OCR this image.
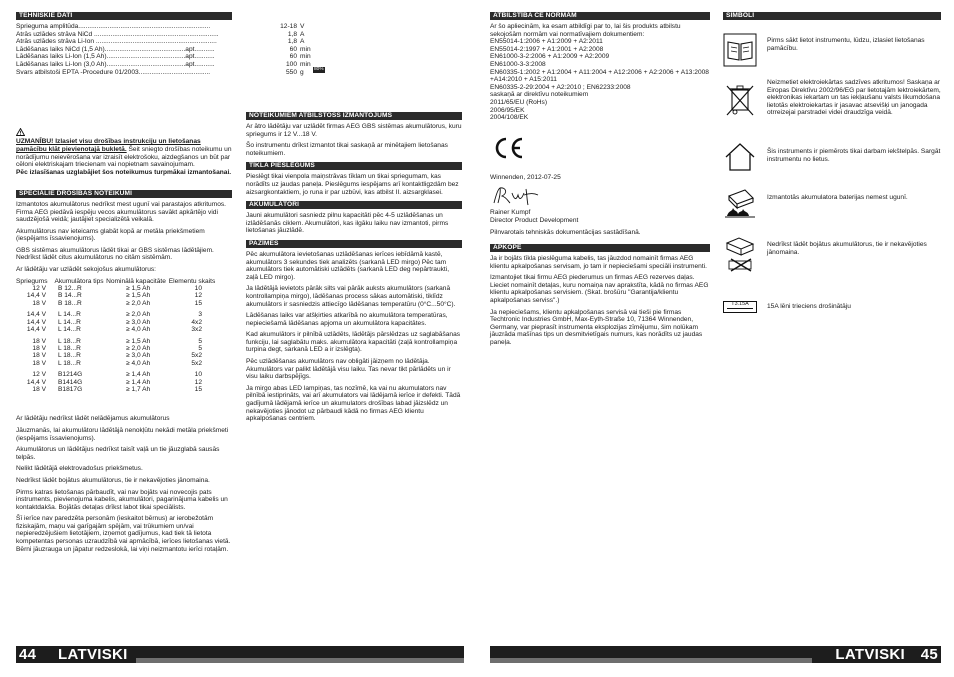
TEHNISKIE DATI
Sprieguma amplitūda........................................................................	12-18 V
Ātrās uzlādes strāva NiCd ....................................................................	1,8 A
Ātrās uzlādes strāva Li-Ion ..................................................................	1,8 A
Lādēšanas laiks NiCd (1,5 Ah)............................................apt...........	60 min
Lādēšanas laiks Li-Ion (1,5 Ah)...........................................apt...........	60 min
Lādēšanas laiks Li-Ion (3,0 Ah)...........................................apt...........	100 min
Svars atbilstoši EPTA -Procedure 01/2003.......................................	550 g	80%

UZMANĪBU! Izlasiet visu drošības instrukciju un lietošanas pamācību klāt pievienotajā bukletā. Šeit sniegto drošības noteikumu un norādījumu neievērošana var izraisīt elektrošoku, aizdegšanos un būt par cēloni elektriskajam triecienam vai nopietnam savainojumam.

Pēc izlasīšanas uzglabājiet šos noteikumus turpmākai izmantošanai.

SPECIĀLIE DROŠĪBAS NOTEIKUMI
Izmantotos akumulātorus nedrīkst mest ugunī vai parastajos atkritumos. Firma AEG piedāvā iespēju vecos akumulātorus savākt apkārtējo vidi saudzējošā veidā; jautājiet specializētā veikalā.
Akumulātorus nav ieteicams glabāt kopā ar metāla priekšmetiem (iespējams īssavienojums).
GBS sistēmas akumulātorus lādēt tikai ar GBS sistēmas lādētājiem. Nedrīkst lādēt citus akumulātorus no citām sistēmām.
Ar lādētāju var uzlādēt sekojošus akumulātorus:
Spriegums	Akumulātora tips	Nominālā kapacitāte	Elementu skaits
12 V	B 12...R	≥ 1,5 Ah	10
14,4 V	B 14...R	≥ 1,5 Ah	12
18 V	B 18...R	≥ 2,0 Ah	15

14,4 V	L 14...R	≥ 2,0 Ah	3
14,4 V	L 14...R	≥ 3,0 Ah	4x2
14,4 V	L 14...R	≥ 4,0 Ah	3x2

18 V	L 18...R	≥ 1,5 Ah	5
18 V	L 18...R	≥ 2,0 Ah	5
18 V	L 18...R	≥ 3,0 Ah	5x2
18 V	L 18...R	≥ 4,0 Ah	5x2

12 V	B1214G	≥ 1,4 Ah	10
14,4 V	B1414G	≥ 1,4 Ah	12
18 V	B1817G	≥ 1,7 Ah	15
Ar lādētāju nedrīkst lādēt nelādējamus akumulātorus
Jāuzmanās, lai akumulātoru lādētājā nenokļūtu nekādi metāla priekšmeti (iespējams īssavienojums).
Akumulātorus un lādētājus nedrīkst taisīt vaļā un tie jāuzglabā sausās telpās.
Nelikt lādētājā elektrovadošus priekšmetus.
Nedrīkst lādēt bojātus akumulātorus, tie ir nekavējoties jānomaina.
Pirms katras lietošanas pārbaudīt, vai nav bojāts vai novecojis pats instruments, pievienojuma kabelis, akumulātori, pagarinājuma kabelis un kontaktdakša. Bojātās detaļas drīkst labot tikai speciālists.
Šī ierīce nav paredzēta personām (ieskaitot bērnus) ar ierobežotām fiziskajām, maņu vai garīgajām spējām, vai trūkumiem un/vai nepieredzējušiem lietotājiem, izņemot gadījumus, kad tiek tā lietota kompetentas personas uzraudzībā vai apmācībā, ierīces lietošanas vietā.
Bērni jāuzrauga un jāpatur redzeslokā, lai viņi neizmantotu ierīci rotaļām.
NOTEIKUMIEM ATBILSTOŠS IZMANTOJUMS
Ar ātro lādētāju var uzlādēt firmas AEG GBS sistēmas akumulātorus, kuru spriegums ir 12 V...18 V.
Šo instrumentu drīkst izmantot tikai saskaņā ar minētajiem lietošanas noteikumiem.
TĪKLA PIESLĒGUMS
Pieslēgt tikai vienpola maiņstrāvas tīklam un tikai spriegumam, kas norādīts uz jaudas paneļa. Pieslēgums iespējams arī kontaktligzdām bez aizsargkontaktiem, jo runa ir par uzbūvi, kas atbilst II. aizsargklasei.
AKUMULĀTORI
Jauni akumulātori sasniedz pilnu kapacitāti pēc 4-5 uzlādēšanas un izlādēšanās ciklem. Akumulātori, kas ilgāku laiku nav izmantoti, pirms lietošanas jāuzlādē.
PAZĪMES
Pēc akumulātora ievietošanas uzlādēšanas ierīces iebīdāmā kastē, akumulātors 3 sekundes tiek analizēts (sarkanā LED mirgo) Pēc tam akumulātors tiek automātiski uzlādēts (sarkanā LED deg nepārtraukti, zaļā LED mirgo).
Ja lādētājā ievietots pārāk silts vai pārāk auksts akumulātors (sarkanā kontrollampiņa mirgo), lādēšanas process sākas automātiski, tiklīdz akumulātors ir sasniedzis attiecīgo lādēšanas temperatūru (0°C...50°C).
Lādēšanas laiks var atšķirties atkarībā no akumulātora temperatūras, nepieciešamā lādēšanas apjoma un akumulātora kapacitātes.
Kad akumulātors ir pilnībā uzlādēts, lādētājs pārslēdzas uz saglabāšanas funkciju, lai saglabātu maks. akumulātora kapacitāti (zaļā kontrollampiņa turpina degt, sarkanā LED a ir izslēgta).
Pēc uzlādēšanas akumulātors nav obligāti jāizņem no lādētāja. Akumulātors var palikt lādētājā visu laiku. Tas nevar tikt pārlādēts un ir visu laiku darbspējīgs.
Ja mirgo abas LED lampiņas, tas nozīmē, ka vai nu akumulators nav pilnībā iestiprināts, vai arī akumulators vai lādējamā ierīce ir defekti. Tādā gadījumā lādējamā ierīce un akumulators drošības labad jāizslēdz un nekavējoties jānodot uz pārbaudi kādā no firmas AEG klientu apkalpošanas centriem.
44 LATVISKI
ATBILSTĪBA CE NORMĀM
Ar šo apliecinām, ka esam atbildīgi par to, lai šis produkts atbilstu sekojošām normām vai normatīvajiem dokumentiem:
EN55014-1:2006 + A1:2009 + A2:2011
EN55014-2:1997 + A1:2001 + A2:2008
EN61000-3-2:2006 + A1:2009 + A2:2009
EN61000-3-3:2008
EN60335-1:2002 + A1:2004 + A11:2004 + A12:2006 + A2:2006 + A13:2008 +A14:2010 + A15:2011
EN60335-2-29:2004 + A2:2010 ; EN62233:2008
saskaņā ar direktīvu noteikumiem
2011/65/EU (RoHs)
2006/95/EK
2004/108/EK
Winnenden, 2012-07-25
Rainer Kumpf
Director Product Development
Pilnvarotais tehniskās dokumentācijas sastādīšanā.
APKOPE
Ja ir bojāts tīkla pieslēguma kabelis, tas jāuzdod nomainīt firmas AEG klientu apkalpošanas servisam, jo tam ir nepieciešami speciāli instrumenti.
Izmantojiet tikai firmu AEG piederumus un firmas AEG rezerves daļas. Lieciet nomainīt detaļas, kuru nomaiņa nav aprakstīta, kādā no firmas AEG klientu apkalpošanas servisiem. (Skat. brošūru "Garantija/klientu apkalpošanas serviss".)
Ja nepieciešams, klientu apkalpošanas servisā vai tieši pie firmas Techtronic Industries GmbH, Max-Eyth-Straße 10, 71364 Winnenden, Germany, var pieprasīt instrumenta eksplozijas zīmējumu, šim nolūkam jāuzrāda mašīnas tips un desmitvietīgais numurs, kas norādīts uz jaudas paneļa.
SIMBOLI
Pirms sākt lietot instrumentu, lūdzu, izlasiet lietošanas pamācību.
Neizmetiet elektroiekārtas sadzīves atkritumos! Saskaņa ar Eiropas Direktīvu 2002/96/EG par lietotajām lektroiekārtem, elektronikas iekartam un tas iekļaušanu valsts likumdošana lietotās elektroiekartas ir jasavac atsevišķi un janogada otrreizejai parstradei videi draudzīga veidā.
Šis instruments ir piemērots tikai darbam iekštelpās. Sargāt instrumentu no lietus.
Izmantotās akumulatora baterijas nemest ugunī.
Nedrīkst lādēt bojātus akumulātorus, tie ir nekavējoties jānomaina.
T3.15A	15A lēni trieciens drošinātāju
LATVISKI 45
